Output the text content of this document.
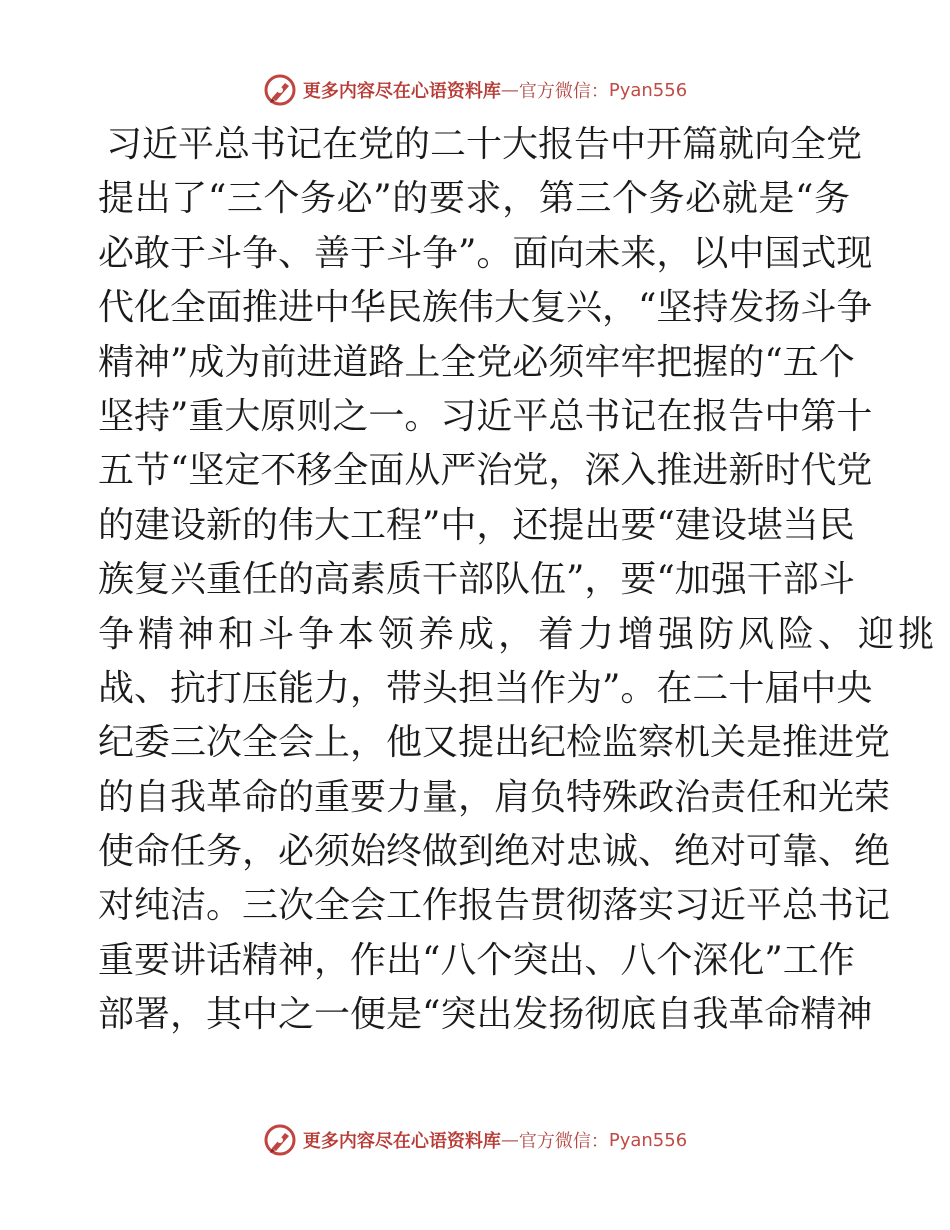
更多内容尽在心语资料库 — 官方微信： Pyan556
习近平总书记在党的二十大报告中开篇就向全党
提出了“三个务必”的要求，第三个务必就是“务
必敢于斗争、善于斗争”。面向未来，以中国式现
代化全面推进中华民族伟大复兴，“坚持发扬斗争
精神”成为前进道路上全党必须牢牢把握的“五个
坚持”重大原则之一。习近平总书记在报告中第十
五节“坚定不移全面从严治党，深入推进新时代党
的建设新的伟大工程”中，还提出要“建设堪当民
族复兴重任的高素质干部队伍”，要“加强干部斗
争精神和斗争本领养成，着力增强防风险、迎挑
战、抗打压能力，带头担当作为”。在二十届中央
纪委三次全会上，他又提出纪检监察机关是推进党
的自我革命的重要力量，肩负特殊政治责任和光荣
使命任务，必须始终做到绝对忠诚、绝对可靠、绝
对纯洁。三次全会工作报告贯彻落实习近平总书记
重要讲话精神，作出“八个突出、八个深化”工作
部署，其中之一便是“突出发扬彻底自我革命精神
更多内容尽在心语资料库 — 官方微信： Pyan556
